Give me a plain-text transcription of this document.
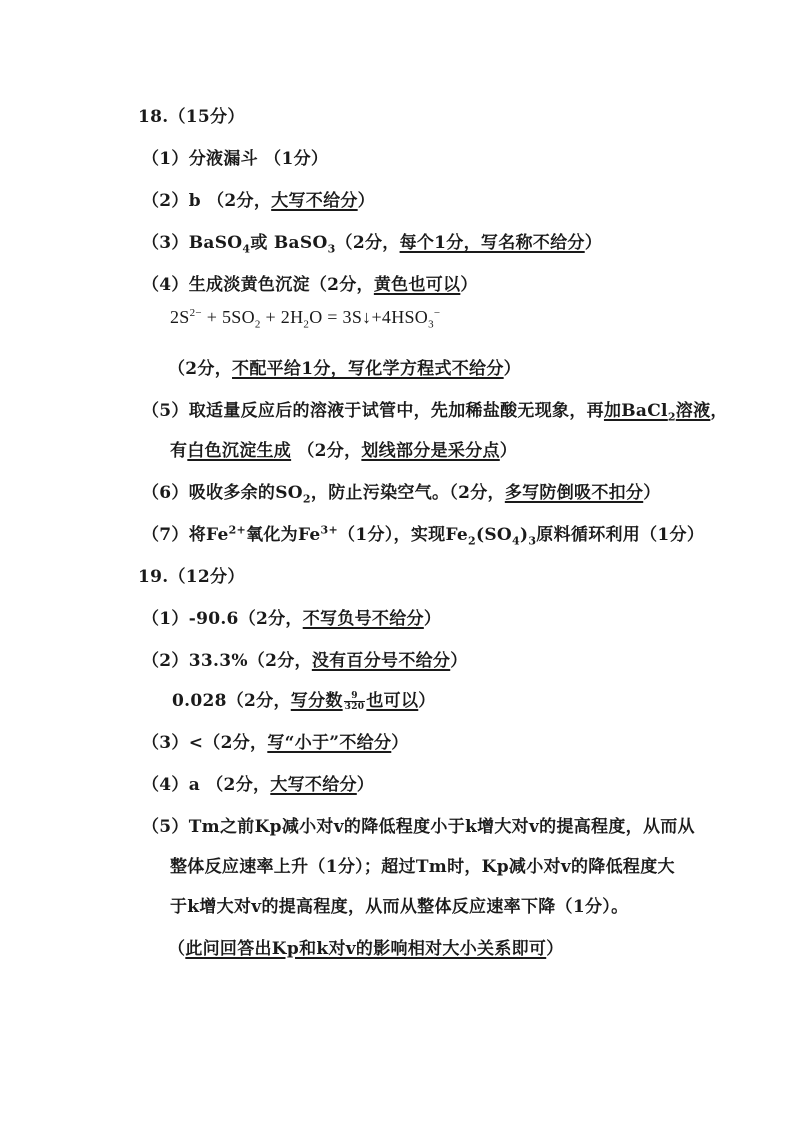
18.（15分）
（1）分液漏斗 （1分）
（2）b （2分，大写不给分）
（3）BaSO$_4$或 BaSO$_3$（2分，每个1分，写名称不给分）
（4）生成淡黄色沉淀（2分，黄色也可以）
$2S^{2-} + 5SO_2 + 2H_2O$ = $3S↓+4HSO_3^-$
（2分，不配平给1分，写化学方程式不给分）
（5）取适量反应后的溶液于试管中，先加稀盐酸无现象，再加BaCl$_2$溶液，
有白色沉淀生成 （2分，划线部分是采分点）
（6）吸收多余的$SO_2$，防止污染空气。（2分，多写防倒吸不扣分）
（7）将$Fe^{2+}$氧化为$Fe^{3+}(1$分），实现$Fe_2(SO_4)_3$原料循环利用（1分）
19.（12分）
（1）-90.6（2分，不写负号不给分）
（2）33.3%（2分，没有百分号不给分）
0.028（2分，写分数 $\frac{9}{320}$ 也可以）
（3）<（2分，写“小于”不给分）
（4）a （2分，大写不给分）
（5）Tm之前Kp减小对v的降低程度小于k增大对v的提高程度，从而从
整体反应速率上升（1分）；超过Tm时，Kp减小对v的降低程度大
于k增大对v的提高程度，从而从整体反应速率下降（1分）。
（此问回答出Kp和k对v的影响相对大小关系即可）
